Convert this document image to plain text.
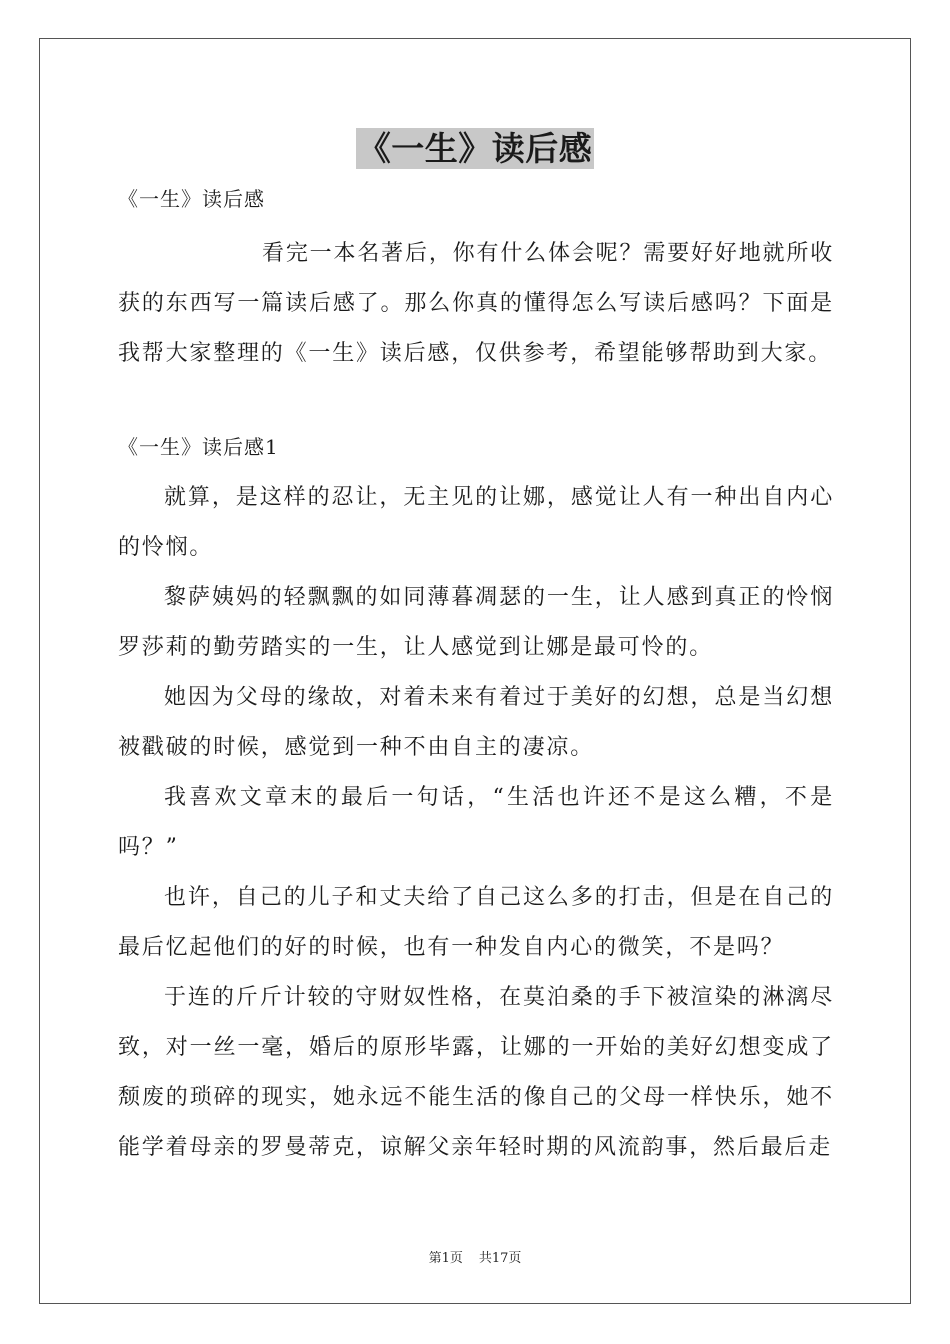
《一生》读后感

《一生》读后感

看完一本名著后，你有什么体会呢？需要好好地就所收获的东西写一篇读后感了。那么你真的懂得怎么写读后感吗？下面是我帮大家整理的《一生》读后感，仅供参考，希望能够帮助到大家。

《一生》读后感1

就算，是这样的忍让，无主见的让娜，感觉让人有一种出自内心的怜悯。

黎萨姨妈的轻飘飘的如同薄暮凋瑟的一生，让人感到真正的怜悯罗莎莉的勤劳踏实的一生，让人感觉到让娜是最可怜的。

她因为父母的缘故，对着未来有着过于美好的幻想，总是当幻想被戳破的时候，感觉到一种不由自主的凄凉。

我喜欢文章末的最后一句话，“生活也许还不是这么糟，不是吗？”

也许，自己的儿子和丈夫给了自己这么多的打击，但是在自己的最后忆起他们的好的时候，也有一种发自内心的微笑，不是吗？

于连的斤斤计较的守财奴性格，在莫泊桑的手下被渲染的淋漓尽致，对一丝一毫，婚后的原形毕露，让娜的一开始的美好幻想变成了颓废的琐碎的现实，她永远不能生活的像自己的父母一样快乐，她不能学着母亲的罗曼蒂克，谅解父亲年轻时期的风流韵事，然后最后走

第1页 共17页
